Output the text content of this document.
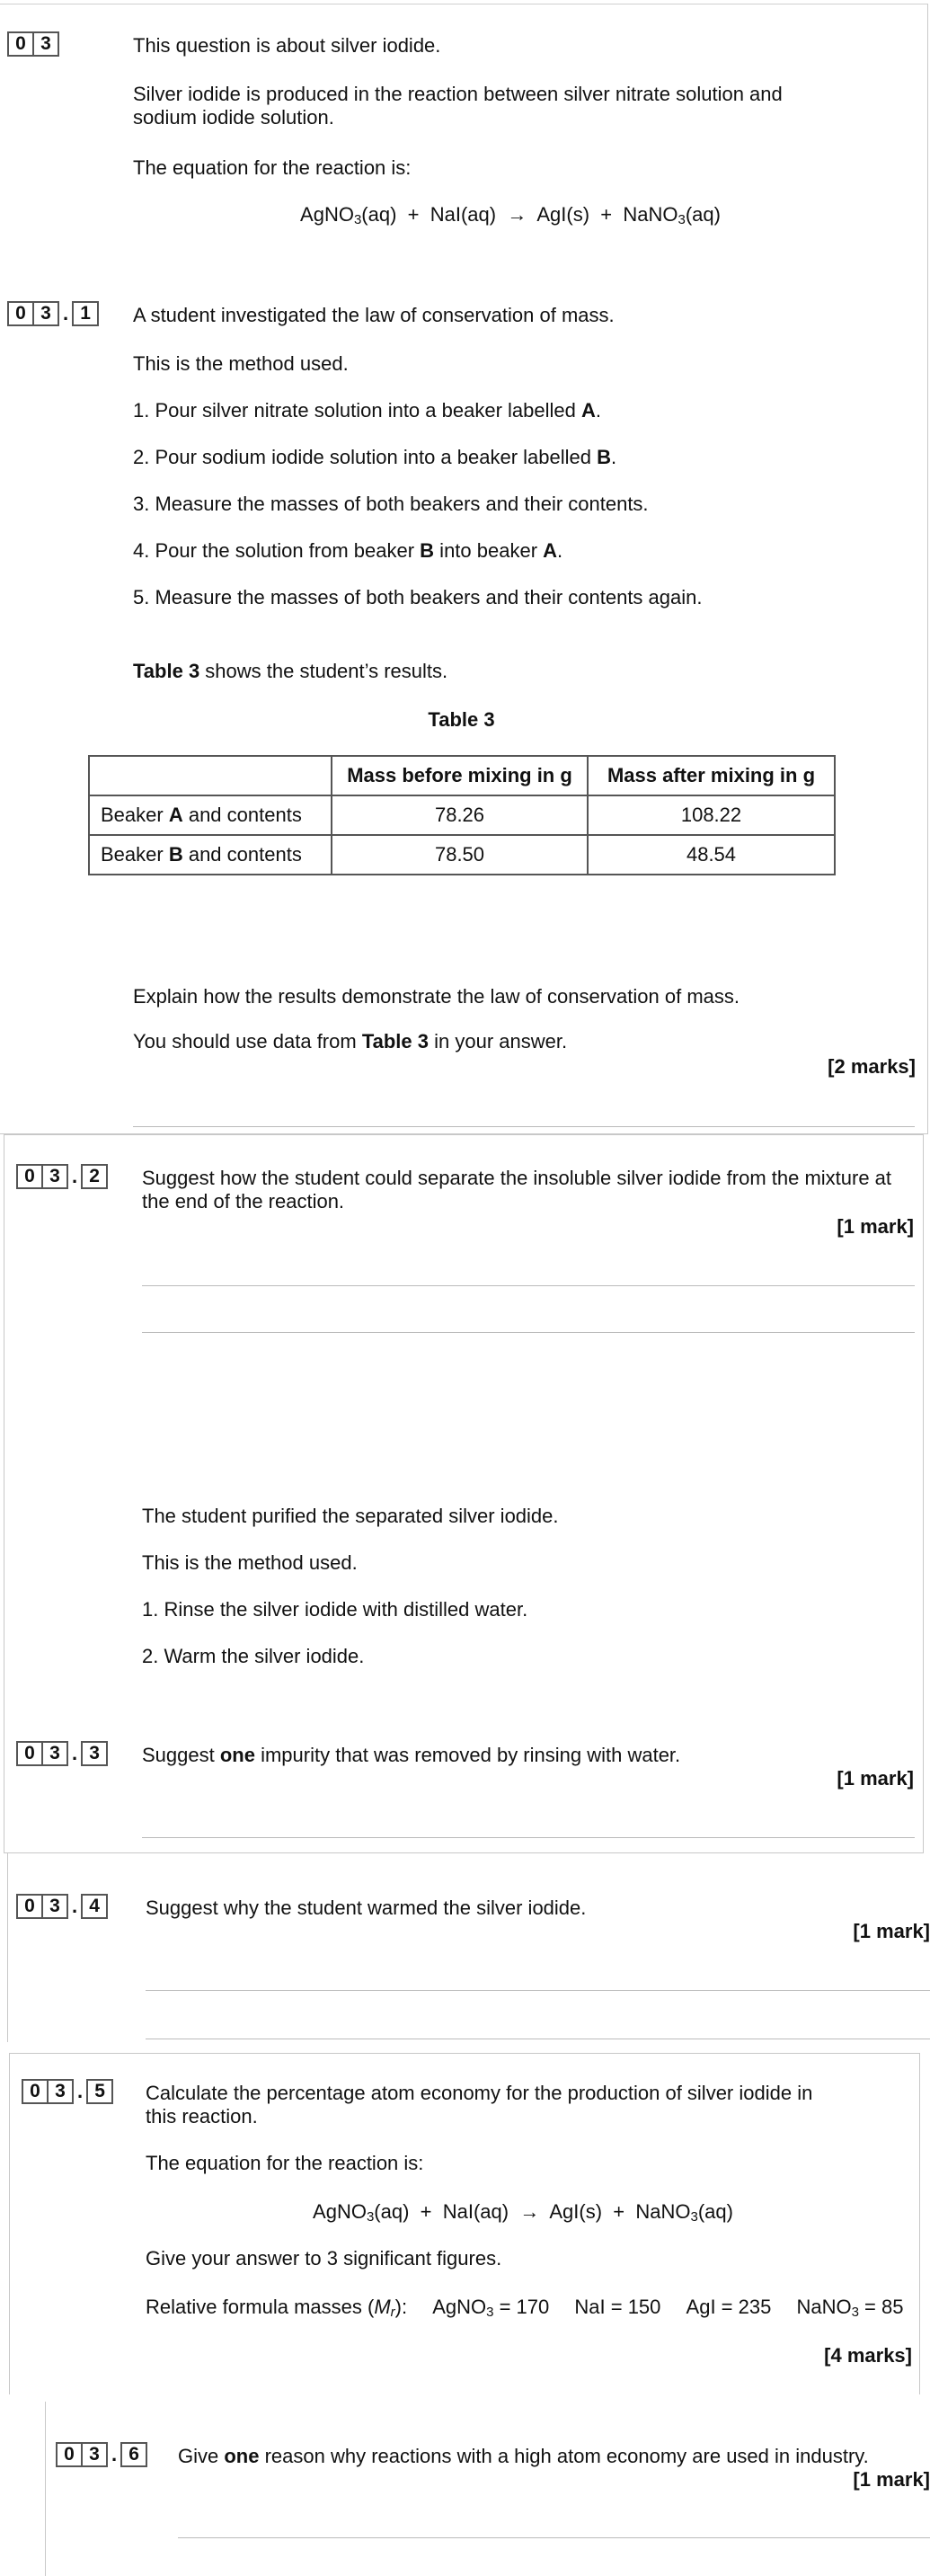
0 3	This question is about silver iodide.
Silver iodide is produced in the reaction between silver nitrate solution and sodium iodide solution.
The equation for the reaction is:
AgNO$_3$(aq) + NaI(aq) → AgI(s) + NaNO$_3$(aq)
0 3 . 1	A student investigated the law of conservation of mass.
This is the method used.
1. Pour silver nitrate solution into a beaker labelled A.
2. Pour sodium iodide solution into a beaker labelled B.
3. Measure the masses of both beakers and their contents.
4. Pour the solution from beaker B into beaker A.
5. Measure the masses of both beakers and their contents again.
Table 3 shows the student’s results.
Table 3
	Mass before mixing in g	Mass after mixing in g
Beaker A and contents	78.26	108.22
Beaker B and contents	78.50	48.54
Explain how the results demonstrate the law of conservation of mass.
You should use data from Table 3 in your answer.
[2 marks]
0 3 . 2	Suggest how the student could separate the insoluble silver iodide from the mixture at the end of the reaction.
[1 mark]
The student purified the separated silver iodide.
This is the method used.
1. Rinse the silver iodide with distilled water.
2. Warm the silver iodide.
0 3 . 3	Suggest one impurity that was removed by rinsing with water.
[1 mark]
0 3 . 4	Suggest why the student warmed the silver iodide.
[1 mark]
0 3 . 5	Calculate the percentage atom economy for the production of silver iodide in this reaction.
The equation for the reaction is:
AgNO$_3$(aq) + NaI(aq) → AgI(s) + NaNO$_3$(aq)
Give your answer to 3 significant figures.
Relative formula masses $(M_r)$: AgNO$_3$ = 170 NaI = 150 AgI = 235 NaNO$_3$ = 85
[4 marks]
0 3 . 6	Give one reason why reactions with a high atom economy are used in industry.
[1 mark]
